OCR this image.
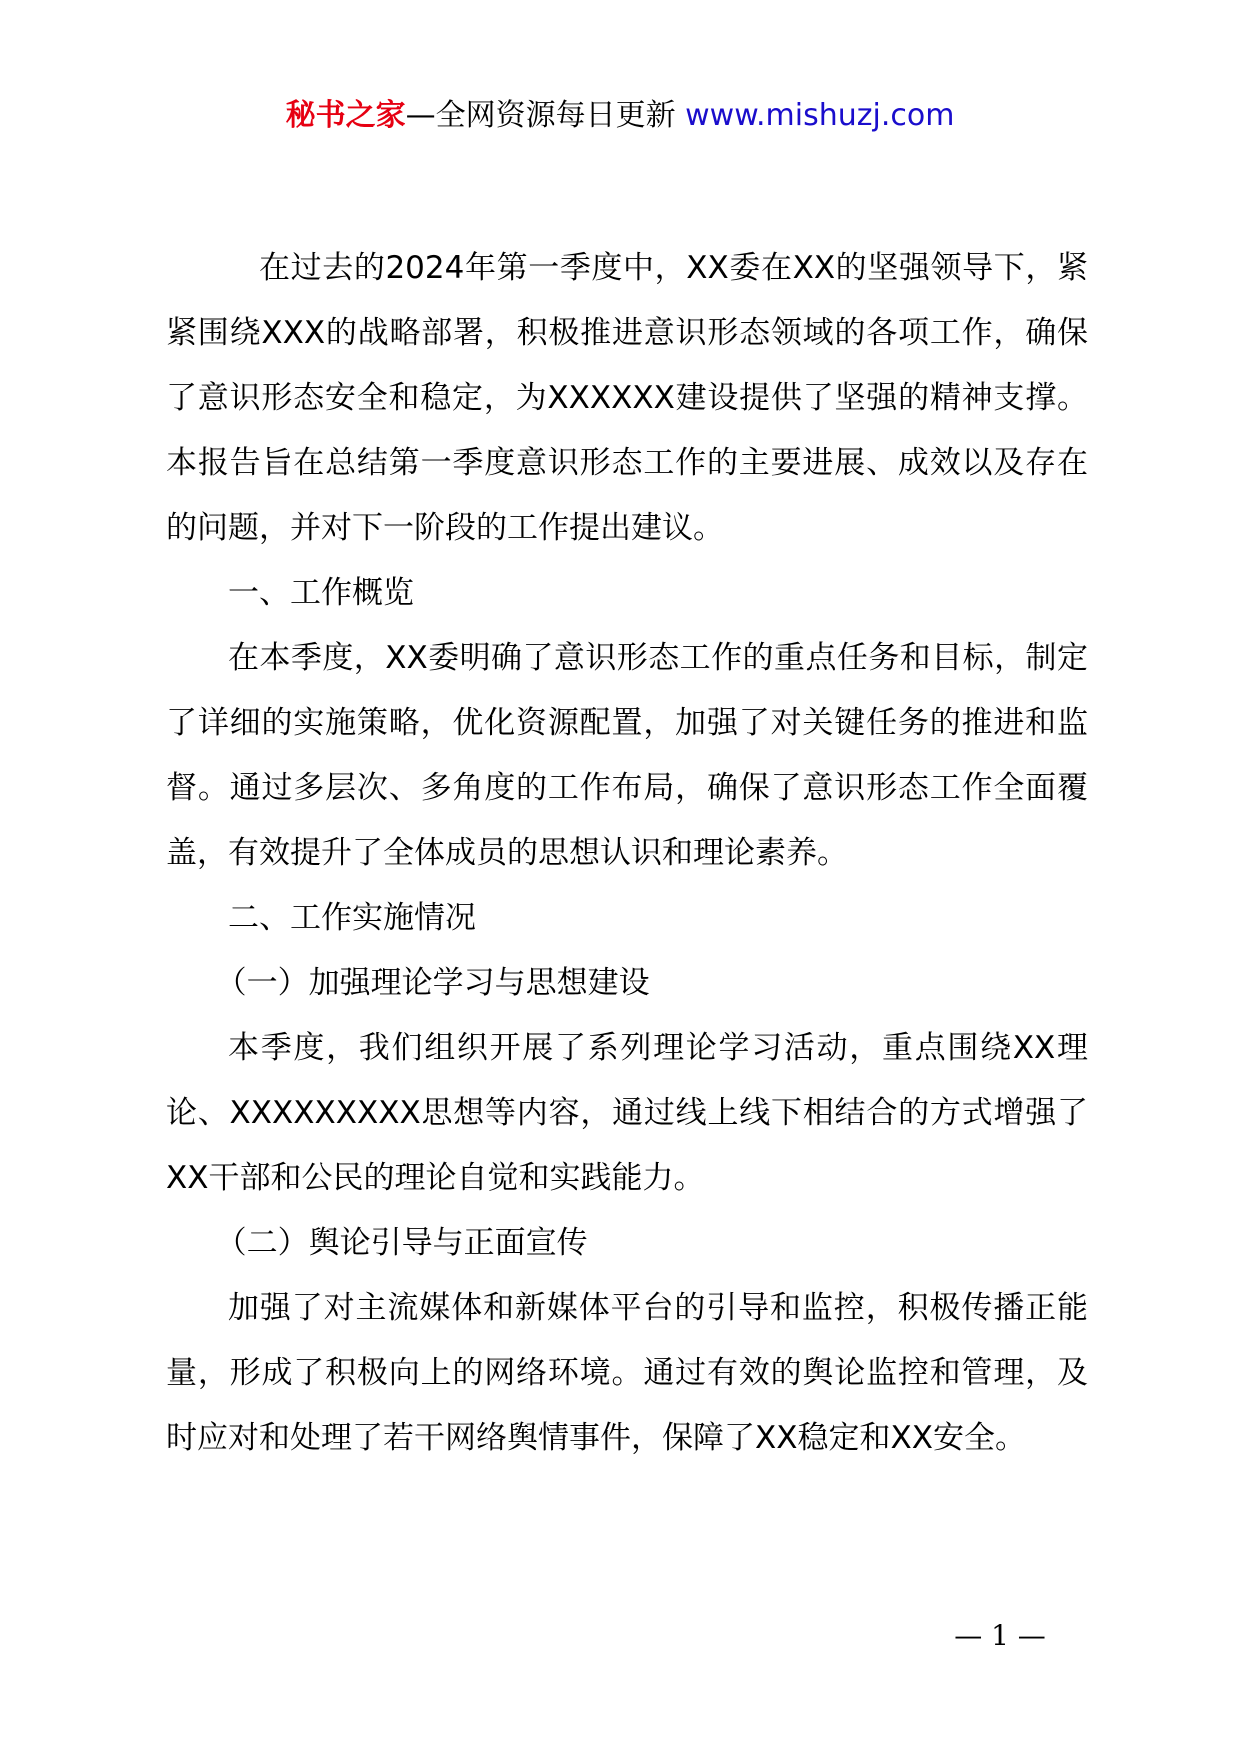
秘书之家—全网资源每日更新 www.mishuzj.com

在过去的2024年第一季度中，XX委在XX的坚强领导下，紧紧围绕XXX的战略部署，积极推进意识形态领域的各项工作，确保了意识形态安全和稳定，为XXXXXX建设提供了坚强的精神支撑。本报告旨在总结第一季度意识形态工作的主要进展、成效以及存在的问题，并对下一阶段的工作提出建议。

一、工作概览

在本季度，XX委明确了意识形态工作的重点任务和目标，制定了详细的实施策略，优化资源配置，加强了对关键任务的推进和监督。通过多层次、多角度的工作布局，确保了意识形态工作全面覆盖，有效提升了全体成员的思想认识和理论素养。

二、工作实施情况

（一）加强理论学习与思想建设

本季度，我们组织开展了系列理论学习活动，重点围绕XX理论、XXXXXXXXX思想等内容，通过线上线下相结合的方式增强了XX干部和公民的理论自觉和实践能力。

（二）舆论引导与正面宣传

加强了对主流媒体和新媒体平台的引导和监控，积极传播正能量，形成了积极向上的网络环境。通过有效的舆论监控和管理，及时应对和处理了若干网络舆情事件，保障了XX稳定和XX安全。

— 1 —
